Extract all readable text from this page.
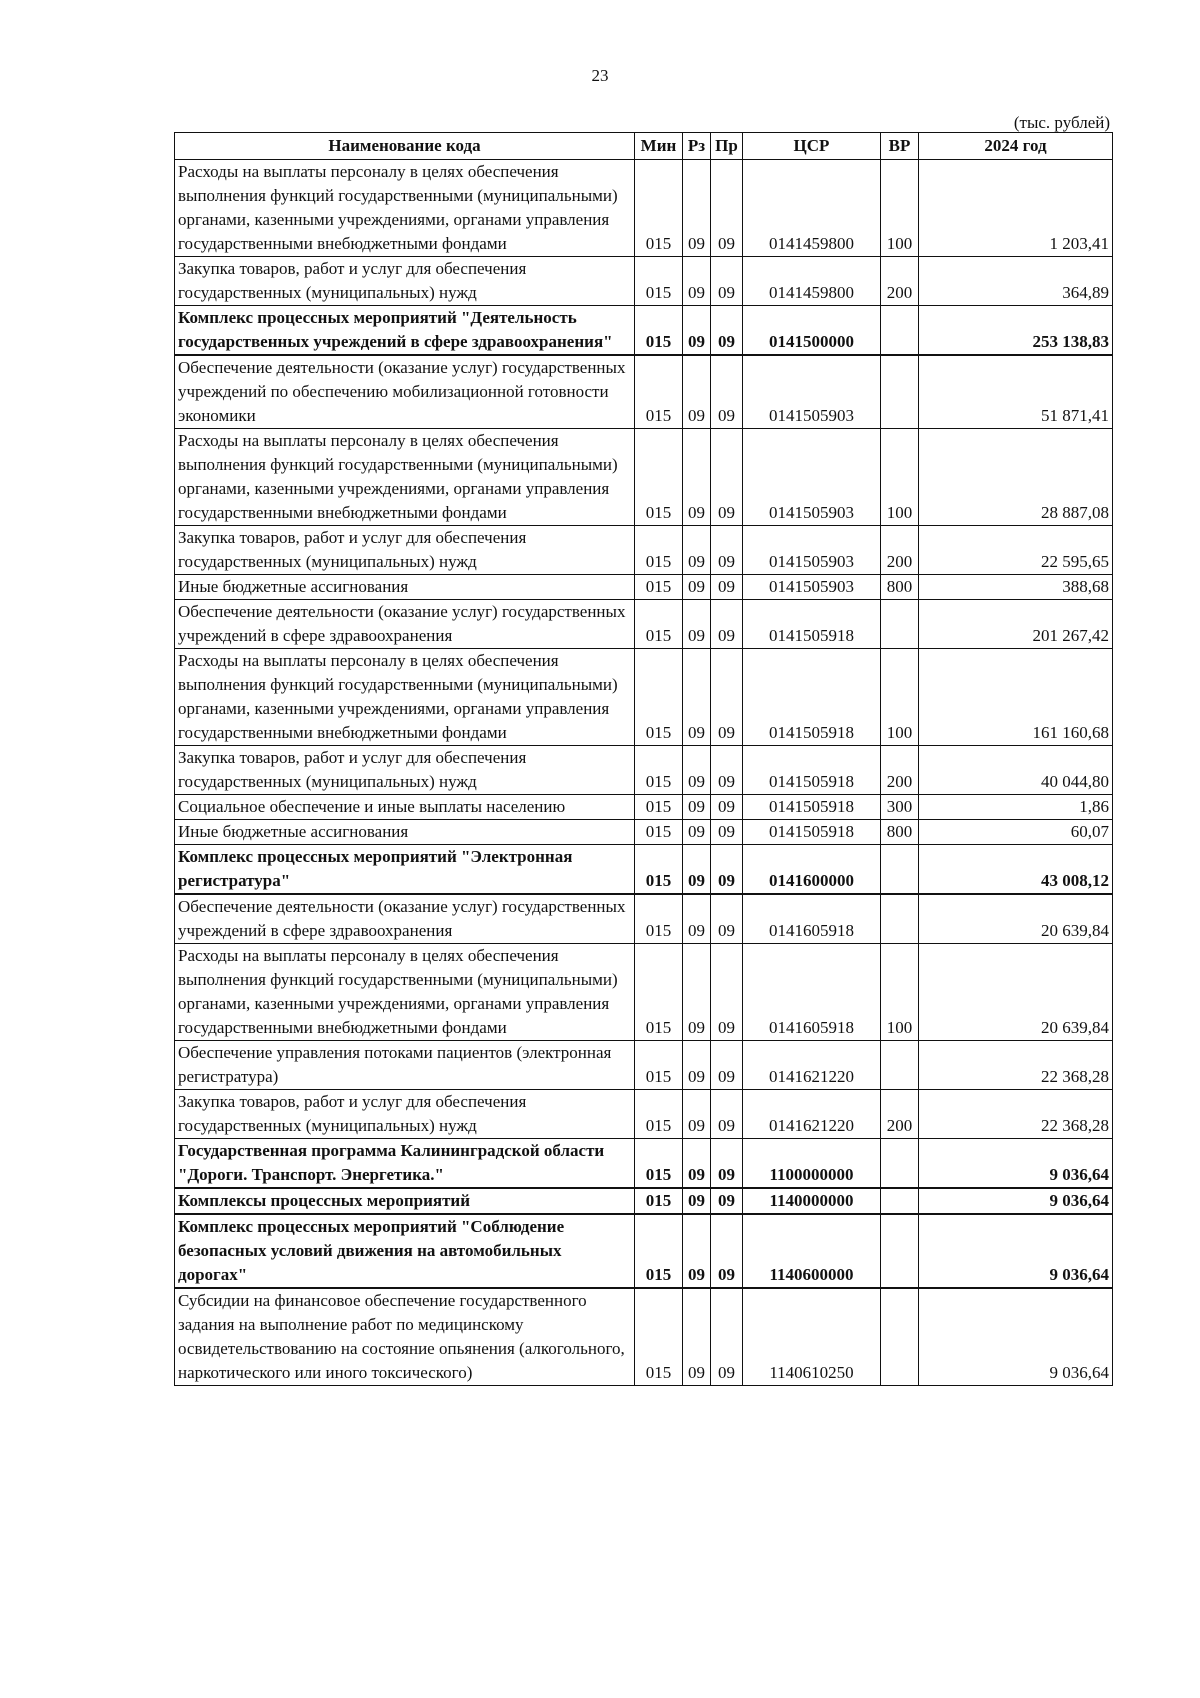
23
(тыс. рублей)
Наименование кода	Мин	Рз	Пр	ЦСР	ВР	2024 год
Расходы на выплаты персоналу в целях обеспечения выполнения функций государственными (муниципальными) органами, казенными учреждениями, органами управления государственными внебюджетными фондами	015	09	09	0141459800	100	1 203,41
Закупка товаров, работ и услуг для обеспечения государственных (муниципальных) нужд	015	09	09	0141459800	200	364,89
Комплекс процессных мероприятий "Деятельность государственных учреждений в сфере здравоохранения"	015	09	09	0141500000		253 138,83
Обеспечение деятельности (оказание услуг) государственных учреждений по обеспечению мобилизационной готовности экономики	015	09	09	0141505903		51 871,41
Расходы на выплаты персоналу в целях обеспечения выполнения функций государственными (муниципальными) органами, казенными учреждениями, органами управления государственными внебюджетными фондами	015	09	09	0141505903	100	28 887,08
Закупка товаров, работ и услуг для обеспечения государственных (муниципальных) нужд	015	09	09	0141505903	200	22 595,65
Иные бюджетные ассигнования	015	09	09	0141505903	800	388,68
Обеспечение деятельности (оказание услуг) государственных учреждений в сфере здравоохранения	015	09	09	0141505918		201 267,42
Расходы на выплаты персоналу в целях обеспечения выполнения функций государственными (муниципальными) органами, казенными учреждениями, органами управления государственными внебюджетными фондами	015	09	09	0141505918	100	161 160,68
Закупка товаров, работ и услуг для обеспечения государственных (муниципальных) нужд	015	09	09	0141505918	200	40 044,80
Социальное обеспечение и иные выплаты населению	015	09	09	0141505918	300	1,86
Иные бюджетные ассигнования	015	09	09	0141505918	800	60,07
Комплекс процессных мероприятий "Электронная регистратура"	015	09	09	0141600000		43 008,12
Обеспечение деятельности (оказание услуг) государственных учреждений в сфере здравоохранения	015	09	09	0141605918		20 639,84
Расходы на выплаты персоналу в целях обеспечения выполнения функций государственными (муниципальными) органами, казенными учреждениями, органами управления государственными внебюджетными фондами	015	09	09	0141605918	100	20 639,84
Обеспечение управления потоками пациентов (электронная регистратура)	015	09	09	0141621220		22 368,28
Закупка товаров, работ и услуг для обеспечения государственных (муниципальных) нужд	015	09	09	0141621220	200	22 368,28
Государственная программа Калининградской области "Дороги. Транспорт. Энергетика."	015	09	09	1100000000		9 036,64
Комплексы процессных мероприятий	015	09	09	1140000000		9 036,64
Комплекс процессных мероприятий "Соблюдение безопасных условий движения на автомобильных дорогах"	015	09	09	1140600000		9 036,64
Субсидии на финансовое обеспечение государственного задания на выполнение работ по медицинскому освидетельствованию на состояние опьянения (алкогольного, наркотического или иного токсического)	015	09	09	1140610250		9 036,64
